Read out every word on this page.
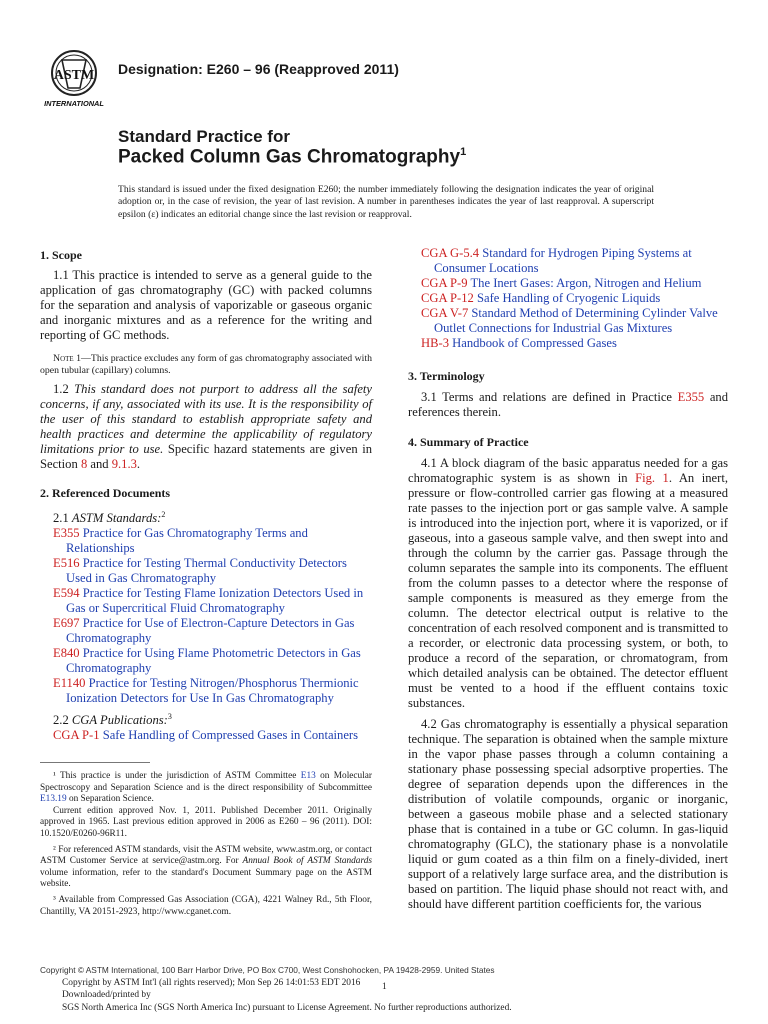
ASTM
INTERNATIONAL
Designation: E260 – 96 (Reapproved 2011)
Standard Practice for
Packed Column Gas Chromatography$^1$
This standard is issued under the fixed designation E260; the number immediately following the designation indicates the year of original adoption or, in the case of revision, the year of last revision. A number in parentheses indicates the year of last reapproval. A superscript epsilon (ε) indicates an editorial change since the last revision or reapproval.
1. Scope

1.1 This practice is intended to serve as a general guide to the application of gas chromatography (GC) with packed columns for the separation and analysis of vaporizable or gaseous organic and inorganic mixtures and as a reference for the writing and reporting of GC methods.

Note 1—This practice excludes any form of gas chromatography associated with open tubular (capillary) columns.

1.2 This standard does not purport to address all the safety concerns, if any, associated with its use. It is the responsibility of the user of this standard to establish appropriate safety and health practices and determine the applicability of regulatory limitations prior to use. Specific hazard statements are given in Section 8 and 9.1.3.

2. Referenced Documents

2.1 ASTM Standards:$^2$

E355 Practice for Gas Chromatography Terms and Relationships

E516 Practice for Testing Thermal Conductivity Detectors Used in Gas Chromatography

E594 Practice for Testing Flame Ionization Detectors Used in Gas or Supercritical Fluid Chromatography

E697 Practice for Use of Electron-Capture Detectors in Gas Chromatography

E840 Practice for Using Flame Photometric Detectors in Gas Chromatography

E1140 Practice for Testing Nitrogen/Phosphorus Thermionic Ionization Detectors for Use In Gas Chromatography

2.2 CGA Publications:$^3$

CGA P-1 Safe Handling of Compressed Gases in Containers

¹ This practice is under the jurisdiction of ASTM Committee E13 on Molecular Spectroscopy and Separation Science and is the direct responsibility of Subcommittee E13.19 on Separation Science.

Current edition approved Nov. 1, 2011. Published December 2011. Originally approved in 1965. Last previous edition approved in 2006 as E260 – 96 (2011). DOI: 10.1520/E0260-96R11.

² For referenced ASTM standards, visit the ASTM website, www.astm.org, or contact ASTM Customer Service at service@astm.org. For Annual Book of ASTM Standards volume information, refer to the standard's Document Summary page on the ASTM website.

³ Available from Compressed Gas Association (CGA), 4221 Walney Rd., 5th Floor, Chantilly, VA 20151-2923, http://www.cganet.com.

CGA G-5.4 Standard for Hydrogen Piping Systems at Consumer Locations

CGA P-9 The Inert Gases: Argon, Nitrogen and Helium

CGA P-12 Safe Handling of Cryogenic Liquids

CGA V-7 Standard Method of Determining Cylinder Valve Outlet Connections for Industrial Gas Mixtures

HB-3 Handbook of Compressed Gases

3. Terminology

3.1 Terms and relations are defined in Practice E355 and references therein.

4. Summary of Practice

4.1 A block diagram of the basic apparatus needed for a gas chromatographic system is as shown in Fig. 1. An inert, pressure or flow-controlled carrier gas flowing at a measured rate passes to the injection port or gas sample valve. A sample is introduced into the injection port, where it is vaporized, or if gaseous, into a gaseous sample valve, and then swept into and through the column by the carrier gas. Passage through the column separates the sample into its components. The effluent from the column passes to a detector where the response of sample components is measured as they emerge from the column. The detector electrical output is relative to the concentration of each resolved component and is transmitted to a recorder, or electronic data processing system, or both, to produce a record of the separation, or chromatogram, from which detailed analysis can be obtained. The detector effluent must be vented to a hood if the effluent contains toxic substances.

4.2 Gas chromatography is essentially a physical separation technique. The separation is obtained when the sample mixture in the vapor phase passes through a column containing a stationary phase possessing special adsorptive properties. The degree of separation depends upon the differences in the distribution of volatile compounds, organic or inorganic, between a gaseous mobile phase and a selected stationary phase that is contained in a tube or GC column. In gas-liquid chromatography (GLC), the stationary phase is a nonvolatile liquid or gum coated as a thin film on a finely-divided, inert support of a relatively large surface area, and the distribution is based on partition. The liquid phase should not react with, and should have different partition coefficients for, the various

Copyright © ASTM International, 100 Barr Harbor Drive, PO Box C700, West Conshohocken, PA 19428-2959. United States
Copyright by ASTM Int'l (all rights reserved); Mon Sep 26 14:01:53 EDT 2016 1
Downloaded/printed by
SGS North America Inc (SGS North America Inc) pursuant to License Agreement. No further reproductions authorized.
